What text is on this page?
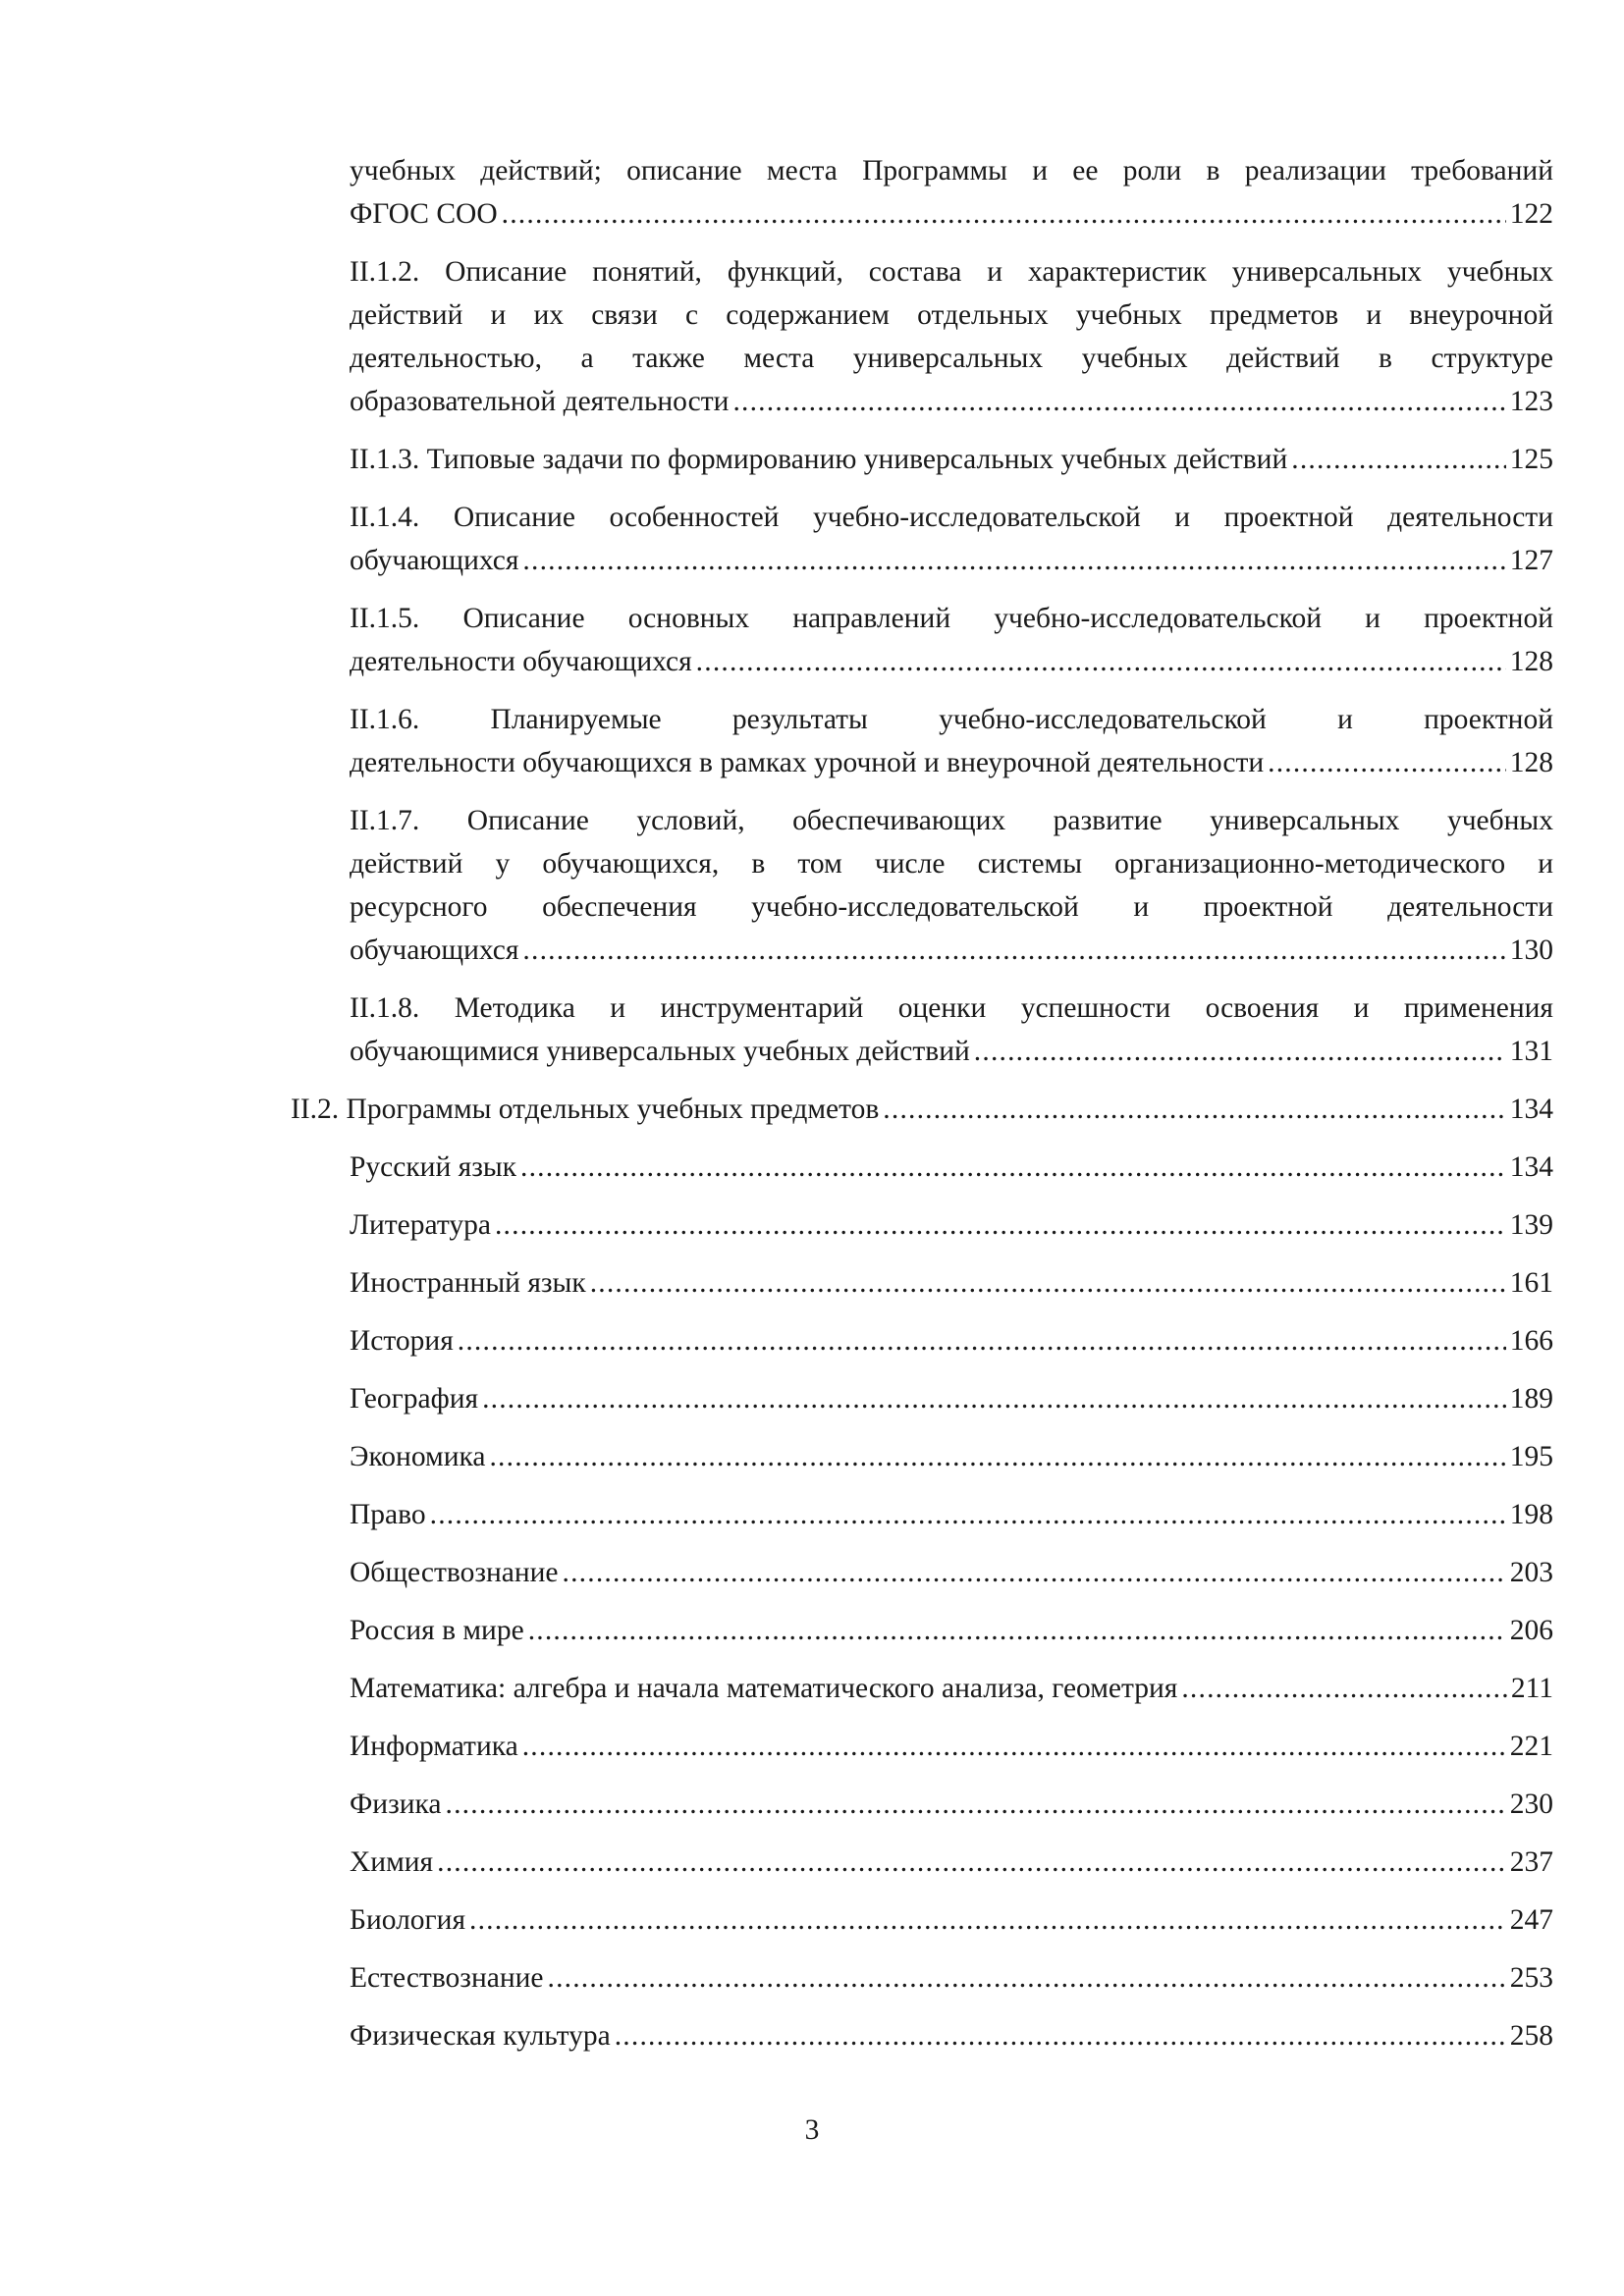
учебных действий; описание места Программы и ее роли в реализации требований
ФГОС СОО .....	122
II.1.2. Описание понятий, функций, состава и характеристик универсальных учебных
действий и их связи с содержанием отдельных учебных предметов и внеурочной
деятельностью, а также места универсальных учебных действий в структуре
образовательной деятельности .....	123
II.1.3. Типовые задачи по формированию универсальных учебных действий .....	125
II.1.4. Описание особенностей учебно-исследовательской и проектной деятельности
обучающихся .....	127
II.1.5. Описание основных направлений учебно-исследовательской и проектной
деятельности обучающихся .....	128
II.1.6. Планируемые результаты учебно-исследовательской и проектной
деятельности обучающихся в рамках урочной и внеурочной деятельности .....	128
II.1.7. Описание условий, обеспечивающих развитие универсальных учебных
действий у обучающихся, в том числе системы организационно-методического и
ресурсного обеспечения учебно-исследовательской и проектной деятельности
обучающихся .....	130
II.1.8. Методика и инструментарий оценки успешности освоения и применения
обучающимися универсальных учебных действий .....	131
II.2. Программы отдельных учебных предметов .....	134
Русский язык .....	134
Литература .....	139
Иностранный язык .....	161
История .....	166
География .....	189
Экономика .....	195
Право .....	198
Обществознание .....	203
Россия в мире .....	206
Математика: алгебра и начала математического анализа, геометрия .....	211
Информатика .....	221
Физика .....	230
Химия .....	237
Биология .....	247
Естествознание .....	253
Физическая культура .....	258
3
